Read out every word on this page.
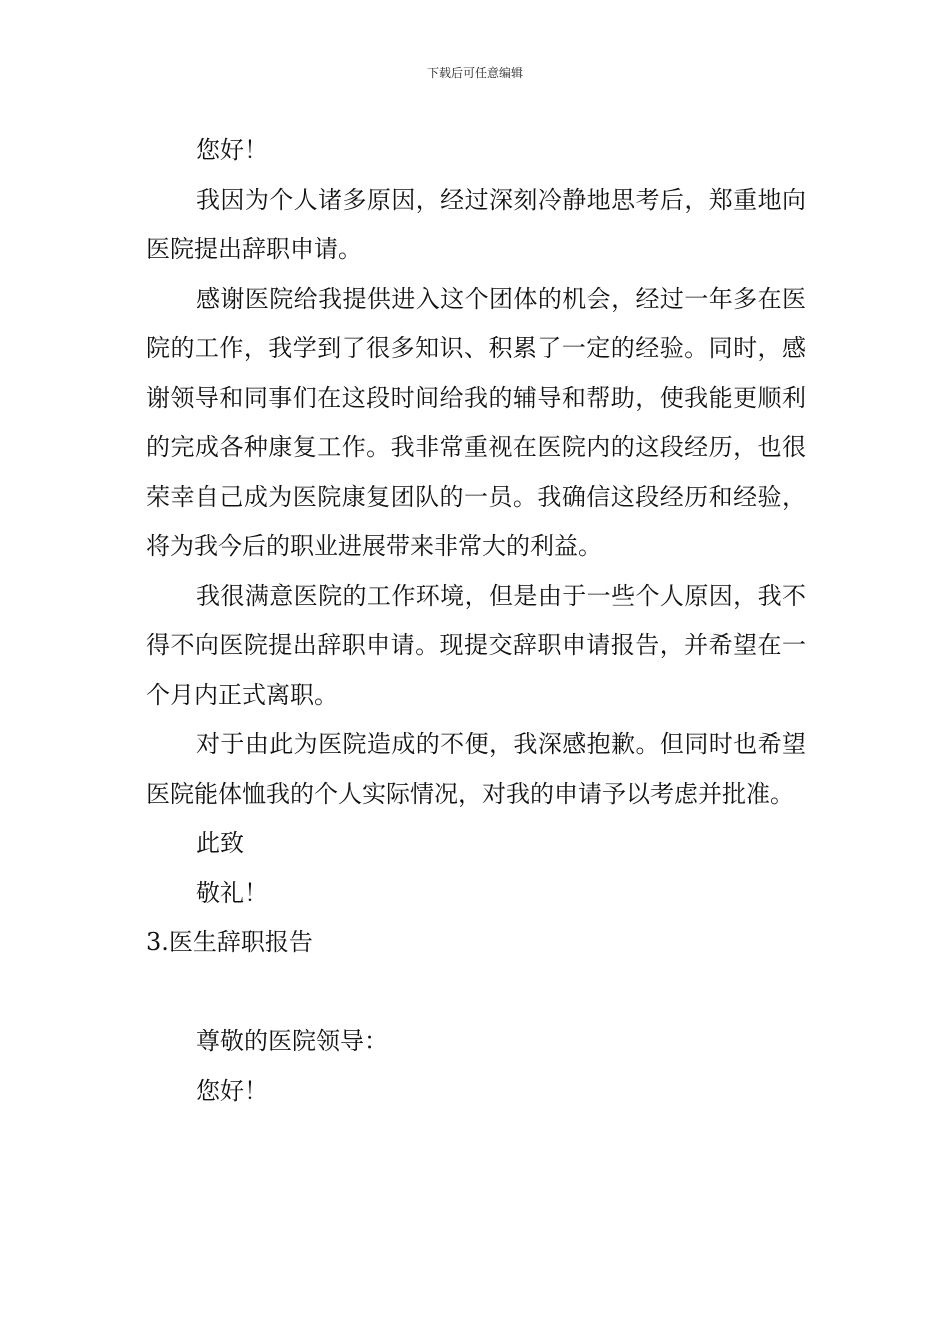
下载后可任意编辑

您好！

我因为个人诸多原因，经过深刻冷静地思考后，郑重地向医院提出辞职申请。

感谢医院给我提供进入这个团体的机会，经过一年多在医院的工作，我学到了很多知识、积累了一定的经验。同时，感谢领导和同事们在这段时间给我的辅导和帮助，使我能更顺利的完成各种康复工作。我非常重视在医院内的这段经历，也很荣幸自己成为医院康复团队的一员。我确信这段经历和经验，将为我今后的职业进展带来非常大的利益。

我很满意医院的工作环境，但是由于一些个人原因，我不得不向医院提出辞职申请。现提交辞职申请报告，并希望在一个月内正式离职。

对于由此为医院造成的不便，我深感抱歉。但同时也希望医院能体恤我的个人实际情况，对我的申请予以考虑并批准。

此致

敬礼！

3.医生辞职报告

尊敬的医院领导：

您好！
